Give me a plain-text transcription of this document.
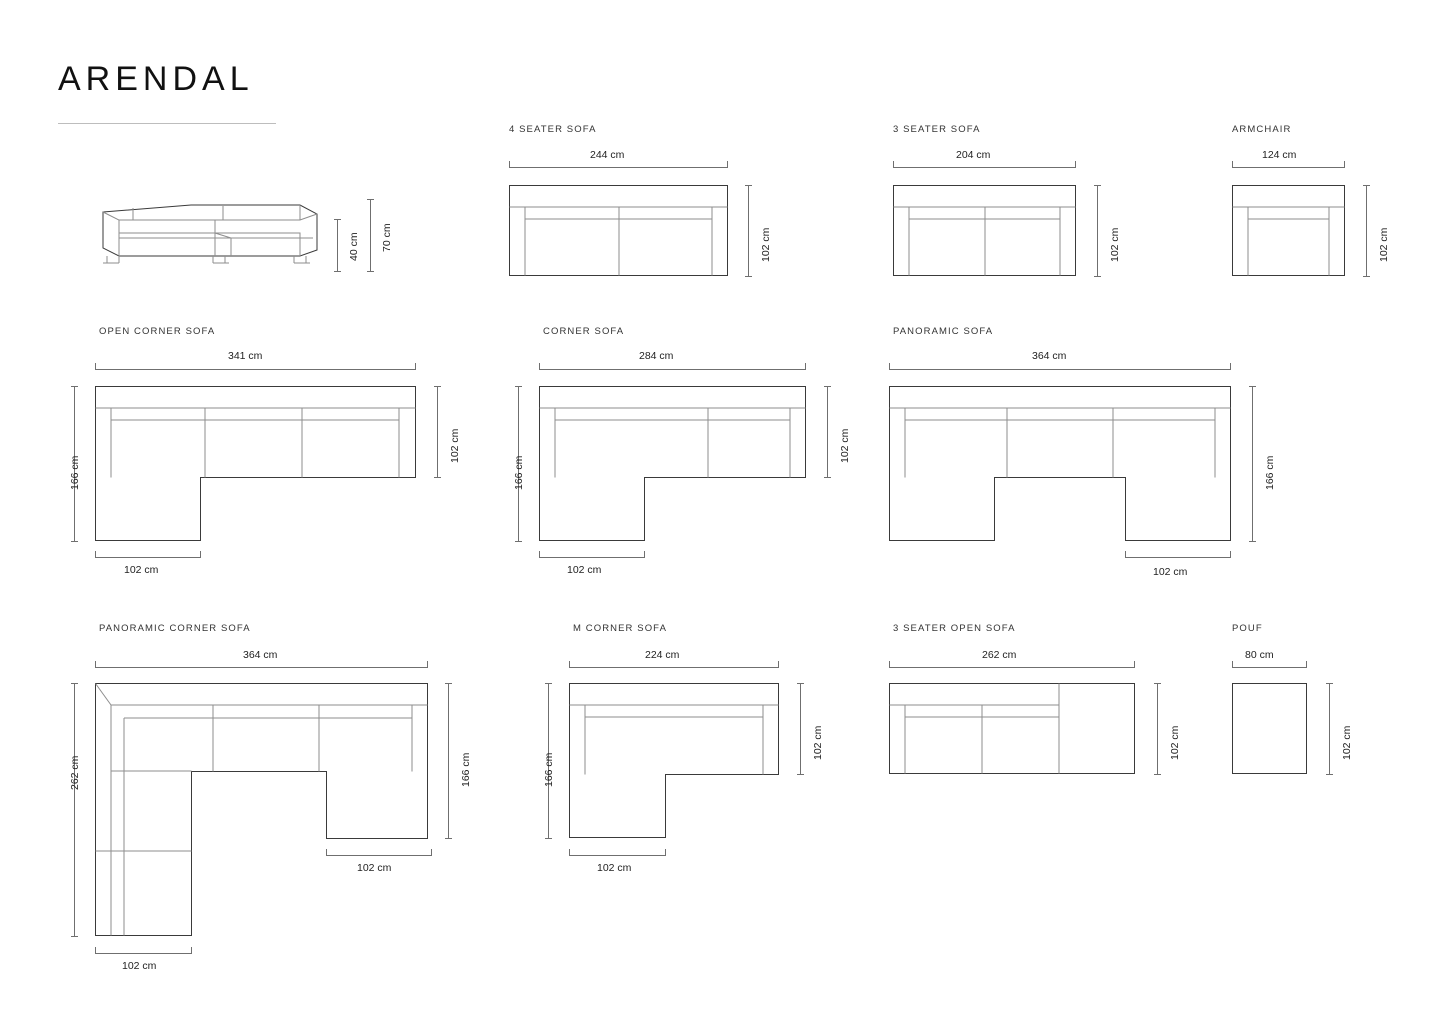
ARENDAL
70 cm
40 cm
4 SEATER SOFA
244 cm
102 cm
3 SEATER SOFA
204 cm
102 cm
ARMCHAIR
124 cm
102 cm
OPEN CORNER SOFA
341 cm
166 cm
102 cm
102 cm
CORNER SOFA
284 cm
166 cm
102 cm
102 cm
PANORAMIC SOFA
364 cm
166 cm
102 cm
PANORAMIC CORNER SOFA
364 cm
262 cm	166 cm
102 cm
102 cm
M CORNER SOFA
224 cm
166 cm
102 cm
102 cm
3 SEATER OPEN SOFA
262 cm
102 cm
POUF
80 cm
102 cm
